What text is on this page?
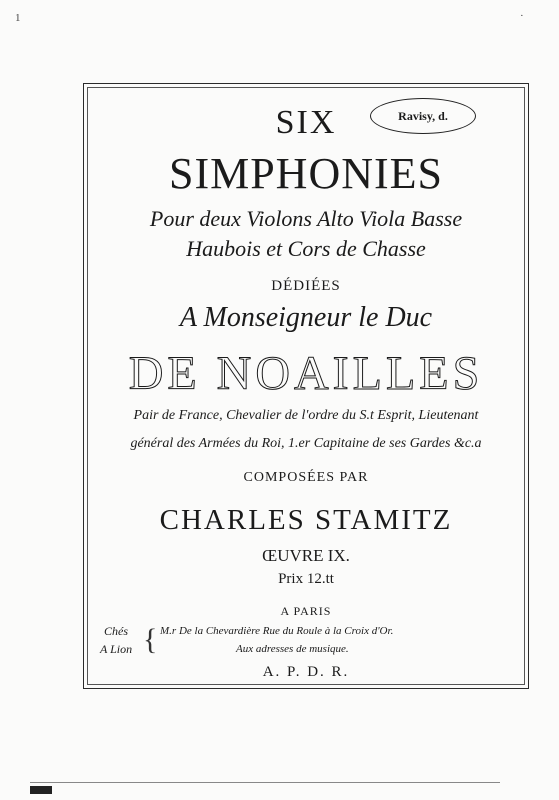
1	·
Ravisy, d.
SIX
SIMPHONIES
Pour deux Violons Alto Viola Basse
Haubois et Cors de Chasse
DÉDIÉES
A Monseigneur le Duc
DE NOAILLES
Pair de France, Chevalier de l'ordre du S.t Esprit, Lieutenant
général des Armées du Roi, 1.er Capitaine de ses Gardes &c.a
COMPOSÉES PAR
CHARLES STAMITZ
ŒUVRE IX.
Prix 12.tt
A PARIS
Chés
A Lion { M.r De la Chevardière Rue du Roule à la Croix d'Or.
Aux adresses de musique.
A. P. D. R.
